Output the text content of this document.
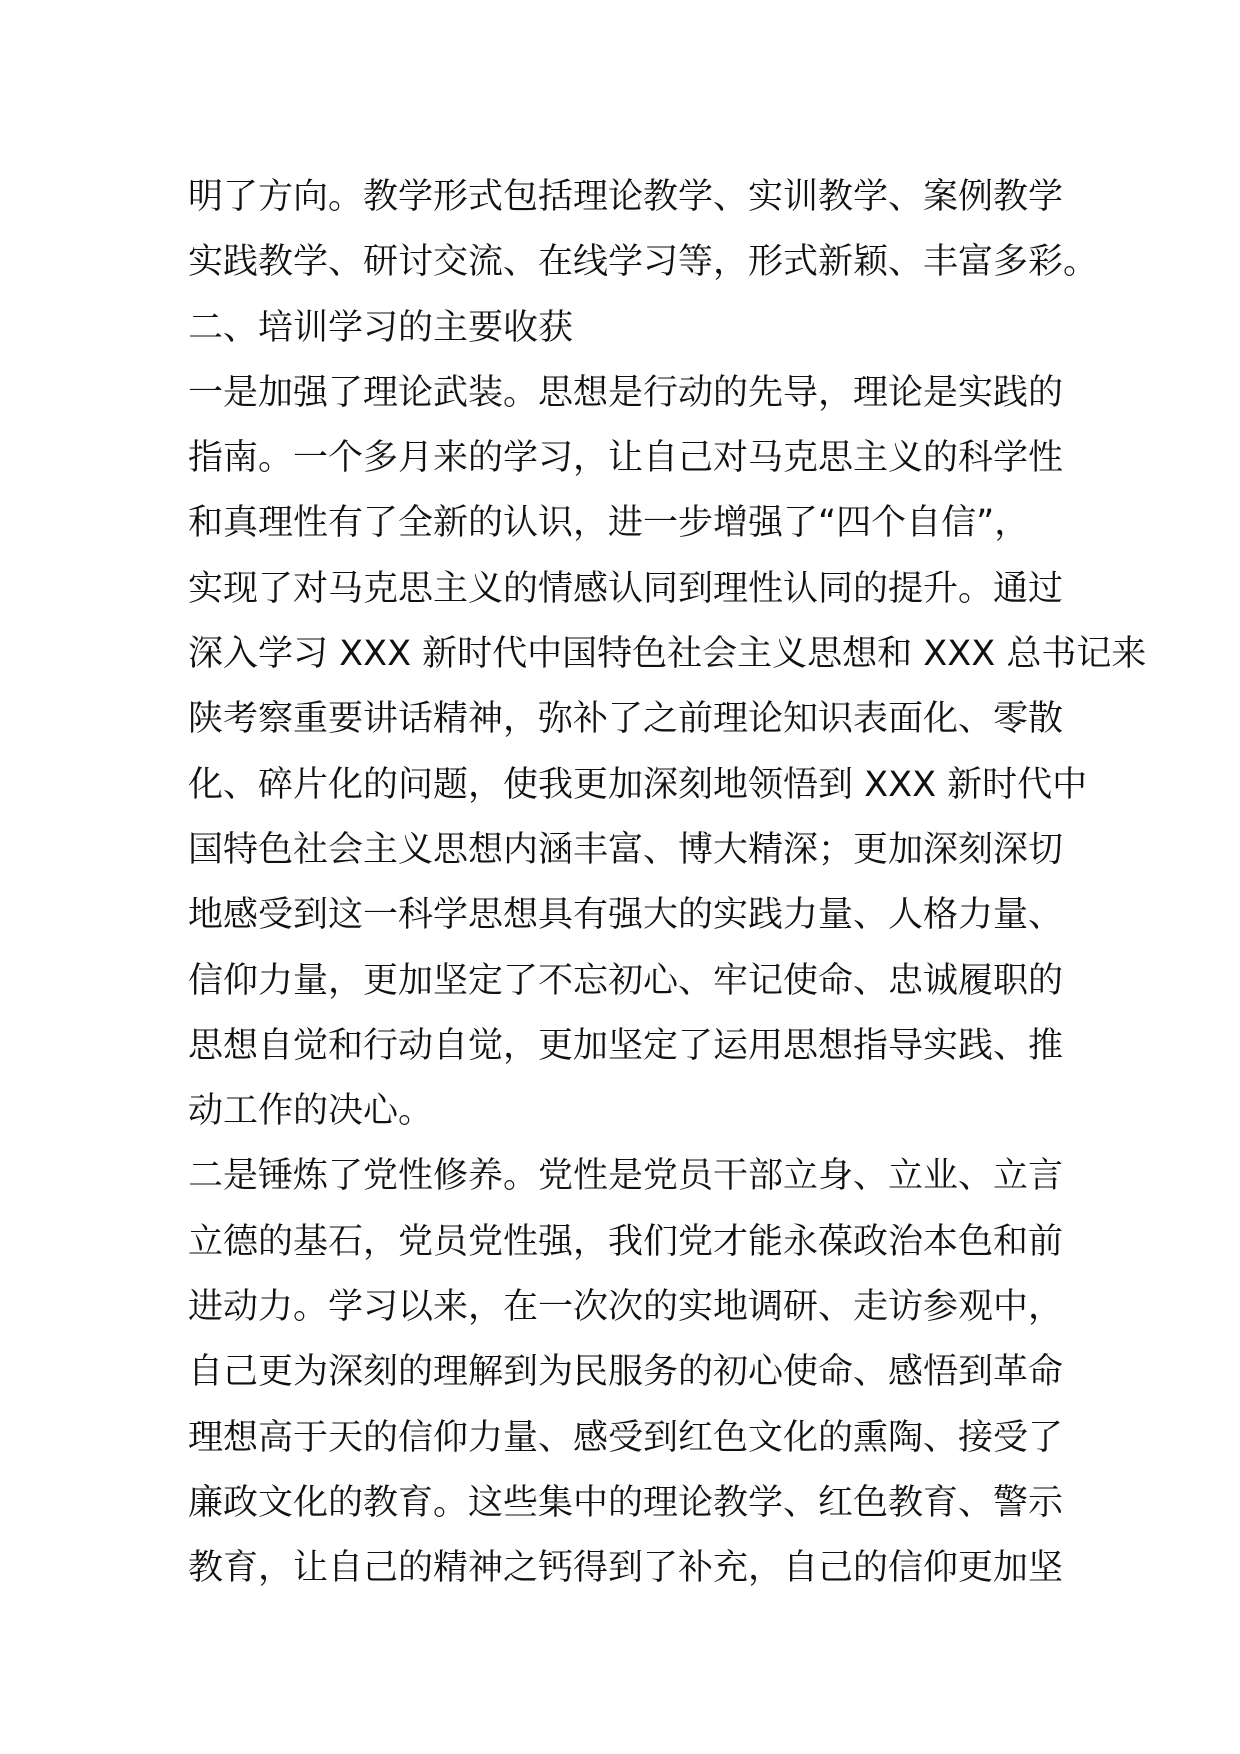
明了方向。教学形式包括理论教学、实训教学、案例教学
实践教学、研讨交流、在线学习等，形式新颖、丰富多彩。
二、培训学习的主要收获
一是加强了理论武装。思想是行动的先导，理论是实践的
指南。一个多月来的学习，让自己对马克思主义的科学性
和真理性有了全新的认识，进一步增强了“四个自信”，
实现了对马克思主义的情感认同到理性认同的提升。通过
深入学习 XXX 新时代中国特色社会主义思想和 XXX 总书记来
陕考察重要讲话精神，弥补了之前理论知识表面化、零散
化、碎片化的问题，使我更加深刻地领悟到 XXX 新时代中
国特色社会主义思想内涵丰富、博大精深；更加深刻深切
地感受到这一科学思想具有强大的实践力量、人格力量、
信仰力量，更加坚定了不忘初心、牢记使命、忠诚履职的
思想自觉和行动自觉，更加坚定了运用思想指导实践、推
动工作的决心。
二是锤炼了党性修养。党性是党员干部立身、立业、立言
立德的基石，党员党性强，我们党才能永葆政治本色和前
进动力。学习以来，在一次次的实地调研、走访参观中，
自己更为深刻的理解到为民服务的初心使命、感悟到革命
理想高于天的信仰力量、感受到红色文化的熏陶、接受了
廉政文化的教育。这些集中的理论教学、红色教育、警示
教育，让自己的精神之钙得到了补充，自己的信仰更加坚
